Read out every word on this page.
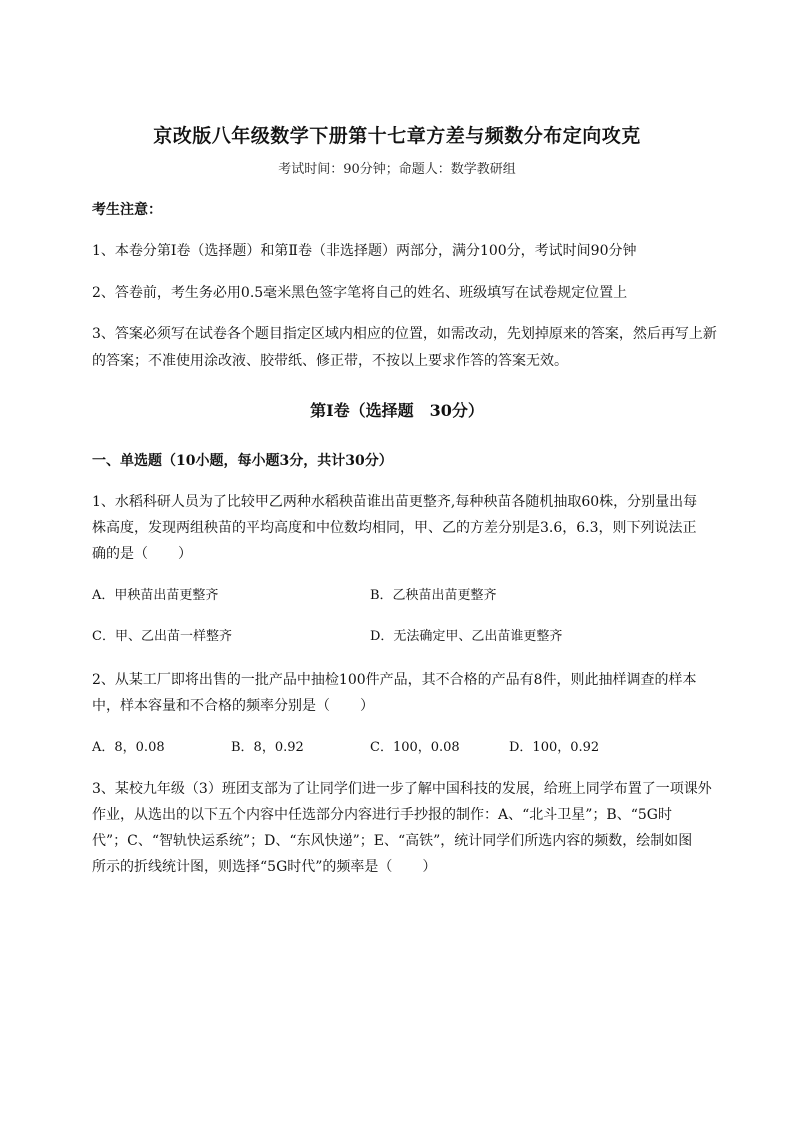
京改版八年级数学下册第十七章方差与频数分布定向攻克
考试时间：90分钟；命题人：数学教研组
考生注意：
1、本卷分第Ⅰ卷（选择题）和第Ⅱ卷（非选择题）两部分，满分100分，考试时间90分钟
2、答卷前，考生务必用0.5毫米黑色签字笔将自己的姓名、班级填写在试卷规定位置上
3、答案必须写在试卷各个题目指定区域内相应的位置，如需改动，先划掉原来的答案，然后再写上新
的答案；不准使用涂改液、胶带纸、修正带，不按以上要求作答的答案无效。
第Ⅰ卷（选择题　30分）
一、单选题（10小题，每小题3分，共计30分）
1、水稻科研人员为了比较甲乙两种水稻秧苗谁出苗更整齐,每种秧苗各随机抽取60株，分别量出每
株高度，发现两组秧苗的平均高度和中位数均相同，甲、乙的方差分别是3.6，6.3，则下列说法正
确的是（ ）
A．甲秧苗出苗更整齐	B．乙秧苗出苗更整齐
C．甲、乙出苗一样整齐	D．无法确定甲、乙出苗谁更整齐
2、从某工厂即将出售的一批产品中抽检100件产品，其不合格的产品有8件，则此抽样调查的样本
中，样本容量和不合格的频率分别是（ ）
A．8，0.08	B．8，0.92	C．100，0.08	D．100，0.92
3、某校九年级（3）班团支部为了让同学们进一步了解中国科技的发展，给班上同学布置了一项课外
作业，从选出的以下五个内容中任选部分内容进行手抄报的制作：A、“北斗卫星”；B、“5G时
代”；C、“智轨快运系统”；D、“东风快递”；E、“高铁”，统计同学们所选内容的频数，绘制如图
所示的折线统计图，则选择“5G时代”的频率是（ ）
